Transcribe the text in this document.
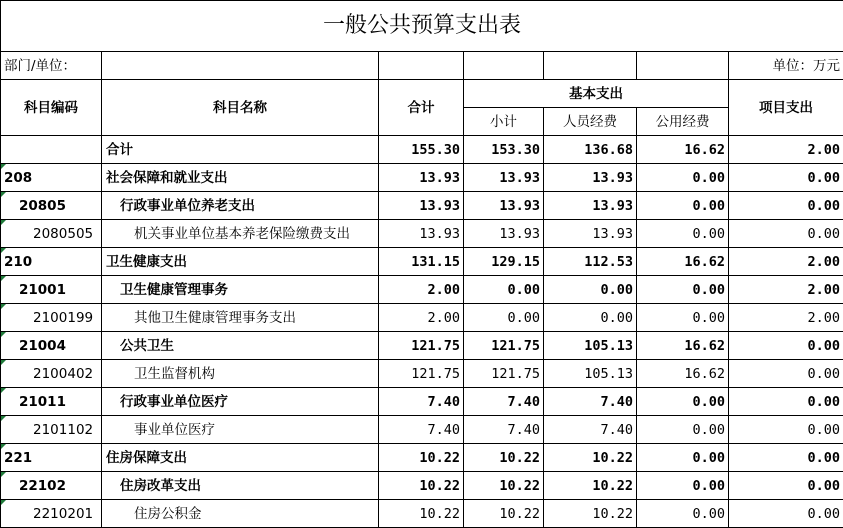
一般公共预算支出表						
部门/单位：						单位：万元
科目编码	科目名称	合计	基本支出			项目支出
			小计	人员经费	公用经费	
	合计	155.30	153.30	136.68	16.62	2.00

208	社会保障和就业支出	13.93	13.93	13.93	0.00	0.00

20805	行政事业单位养老支出	13.93	13.93	13.93	0.00	0.00

2080505	机关事业单位基本养老保险缴费支出	13.93	13.93	13.93	0.00	0.00

210	卫生健康支出	131.15	129.15	112.53	16.62	2.00

21001	卫生健康管理事务	2.00	0.00	0.00	0.00	2.00

2100199	其他卫生健康管理事务支出	2.00	0.00	0.00	0.00	2.00

21004	公共卫生	121.75	121.75	105.13	16.62	0.00

2100402	卫生监督机构	121.75	121.75	105.13	16.62	0.00

21011	行政事业单位医疗	7.40	7.40	7.40	0.00	0.00

2101102	事业单位医疗	7.40	7.40	7.40	0.00	0.00

221	住房保障支出	10.22	10.22	10.22	0.00	0.00

22102	住房改革支出	10.22	10.22	10.22	0.00	0.00

2210201	住房公积金	10.22	10.22	10.22	0.00	0.00
